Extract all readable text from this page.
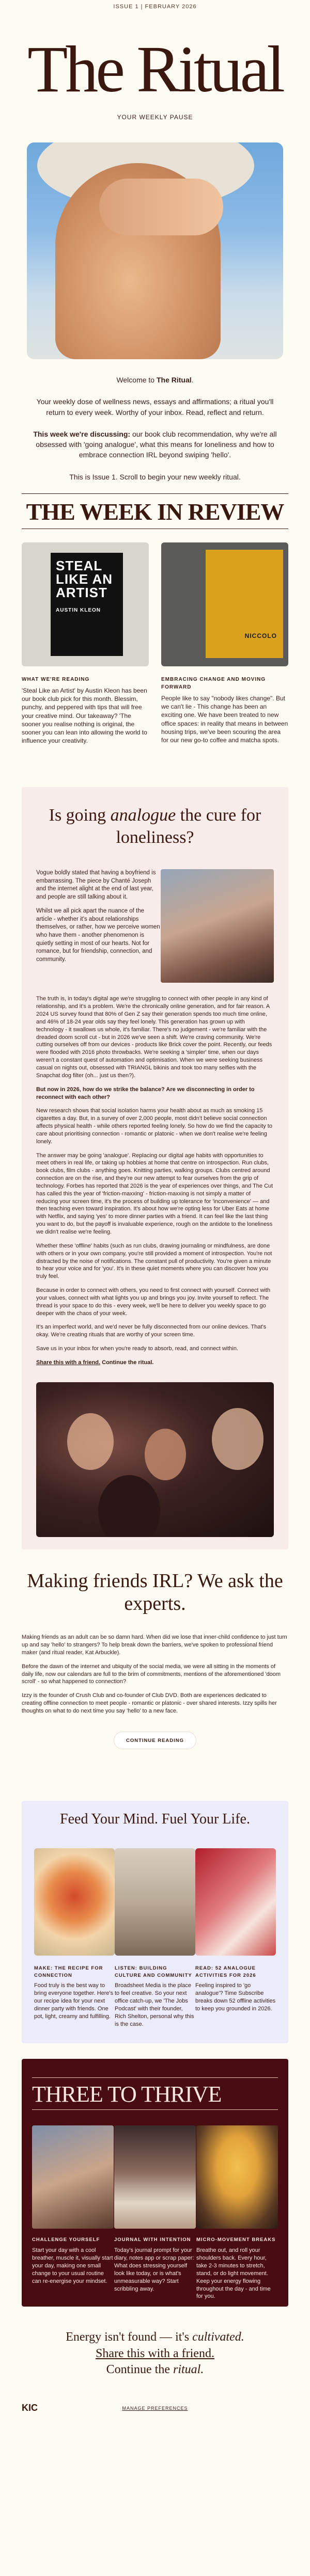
ISSUE 1 | FEBRUARY 2026
The Ritual
YOUR WEEKLY PAUSE

Welcome to The Ritual.

Your weekly dose of wellness news, essays and affirmations; a ritual you'll return to every week. Worthy of your inbox. Read, reflect and return.

This week we're discussing: our book club recommendation, why we're all obsessed with 'going analogue', what this means for loneliness and how to embrace connection IRL beyond swiping 'hello'.

This is Issue 1. Scroll to begin your new weekly ritual.

THE WEEK IN REVIEW
STEAL LIKE AN ARTIST
AUSTIN KLEON
WHAT WE'RE READING
'Steal Like an Artist' by Austin Kleon has been our book club pick for this month. Blessim, punchy, and peppered with tips that will free your creative mind. Our takeaway? 'The sooner you realise nothing is original, the sooner you can lean into allowing the world to influence your creativity.
NICCOLO
EMBRACING CHANGE AND MOVING FORWARD
People like to say "nobody likes change". But we can't lie - This change has been an exciting one. We have been treated to new office spaces: in reality that means in between housing trips, we've been scouring the area for our new go-to coffee and matcha spots.
Is going analogue the cure for loneliness?

Vogue boldly stated that having a boyfriend is embarrassing. The piece by Chanté Joseph and the internet alight at the end of last year, and people are still talking about it.

Whilst we all pick apart the nuance of the article - whether it's about relationships themselves, or rather, how we perceive women who have them - another phenomenon is quietly setting in most of our hearts. Not for romance, but for friendship, connection, and community.

The truth is, in today's digital age we're struggling to connect with other people in any kind of relationship, and it's a problem. We're the chronically online generation, and for fair reason. A 2024 US survey found that 80% of Gen Z say their generation spends too much time online, and 46% of 18-24 year olds say they feel lonely. This generation has grown up with technology - it swallows us whole, it's familiar. There's no judgement - we're familiar with the dreaded doom scroll cut - but in 2026 we've seen a shift. We're craving community. We're cutting ourselves off from our devices - products like Brick cover the point. Recently, our feeds were flooded with 2016 photo throwbacks. We're seeking a 'simpler' time, when our days weren't a constant quest of automation and optimisation. When we were seeking business casual on nights out, obsessed with TRIANGL bikinis and took too many selfies with the Snapchat dog filter (oh... just us then?).

But now in 2026, how do we strike the balance? Are we disconnecting in order to reconnect with each other?

New research shows that social isolation harms your health about as much as smoking 15 cigarettes a day. But, in a survey of over 2,000 people, most didn't believe social connection affects physical health - while others reported feeling lonely. So how do we find the capacity to care about prioritising connection - romantic or platonic - when we don't realise we're feeling lonely.

The answer may be going 'analogue'. Replacing our digital age habits with opportunities to meet others in real life, or taking up hobbies at home that centre on introspection. Run clubs, book clubs, film clubs - anything goes. Knitting parties, walking groups. Clubs centred around connection are on the rise, and they're our new attempt to fear ourselves from the grip of technology. Forbes has reported that 2026 is the year of experiences over things, and The Cut has called this the year of 'friction-maxxing' - friction-maxxing is not simply a matter of reducing your screen time, it's the process of building up tolerance for 'inconvenience' — and then teaching even toward inspiration. It's about how we're opting less for Uber Eats at home with Netflix, and saying 'yes' to more dinner parties with a friend. It can feel like the last thing you want to do, but the payoff is invaluable experience, rough on the antidote to the loneliness we didn't realise we're feeling.

Whether these 'offline' habits (such as run clubs, drawing journaling or mindfulness, are done with others or in your own company, you're still provided a moment of introspection. You're not distracted by the noise of notifications. The constant pull of productivity. You're given a minute to hear your voice and for 'you'. It's in these quiet moments where you can discover how you truly feel.

Because in order to connect with others, you need to first connect with yourself. Connect with your values, connect with what lights you up and brings you joy. Invite yourself to reflect. The thread is your space to do this - every week, we'll be here to deliver you weekly space to go deeper with the chaos of your week.

It's an imperfect world, and we'd never be fully disconnected from our online devices. That's okay. We're creating rituals that are worthy of your screen time.

Save us in your inbox for when you're ready to absorb, read, and connect within.

Share this with a friend. Continue the ritual.

Making friends IRL? We ask the experts.

Making friends as an adult can be so damn hard. When did we lose that inner-child confidence to just turn up and say 'hello' to strangers? To help break down the barriers, we've spoken to professional friend maker (and ritual reader, Kat Arbuckle).

Before the dawn of the internet and ubiquity of the social media, we were all sitting in the moments of daily life, now our calendars are full to the brim of commitments, mentions of the aforementioned 'doom scroll' - so what happened to connection?

Izzy is the founder of Crush Club and co-founder of Club DVD. Both are experiences dedicated to creating offline connection to meet people - romantic or platonic - over shared interests. Izzy spills her thoughts on what to do next time you say 'hello' to a new face.

CONTINUE READING
Feed Your Mind. Fuel Your Life.
MAKE: THE RECIPE FOR CONNECTION
Food truly is the best way to bring everyone together. Here's our recipe idea for your next dinner party with friends. One pot, light, creamy and fulfilling.
LISTEN: BUILDING CULTURE AND COMMUNITY
Broadsheet Media is the place to feel creative. So your next office catch-up, we 'The Jobs Podcast' with their founder, Rich Shelton, personal why this is the case.
READ: 52 ANALOGUE ACTIVITIES FOR 2026
Feeling inspired to 'go analogue'? Time Subscribe breaks down 52 offline activities to keep you grounded in 2026.
THREE TO THRIVE
CHALLENGE YOURSELF
Start your day with a cool breather, muscle it, visually start your day, making one small change to your usual routine can re-energise your mindset.
JOURNAL WITH INTENTION
Today's journal prompt for your diary, notes app or scrap paper: What does stressing yourself look like today, or is what's unmeasurable way? Start scribbling away.
MICRO-MOVEMENT BREAKS
Breathe out, and roll your shoulders back. Every hour, take 2-3 minutes to stretch, stand, or do light movement. Keep your energy flowing throughout the day - and time for you.
Energy isn't found — it's cultivated.
Share this with a friend.
Continue the ritual.
KIC	MANAGE PREFERENCES
